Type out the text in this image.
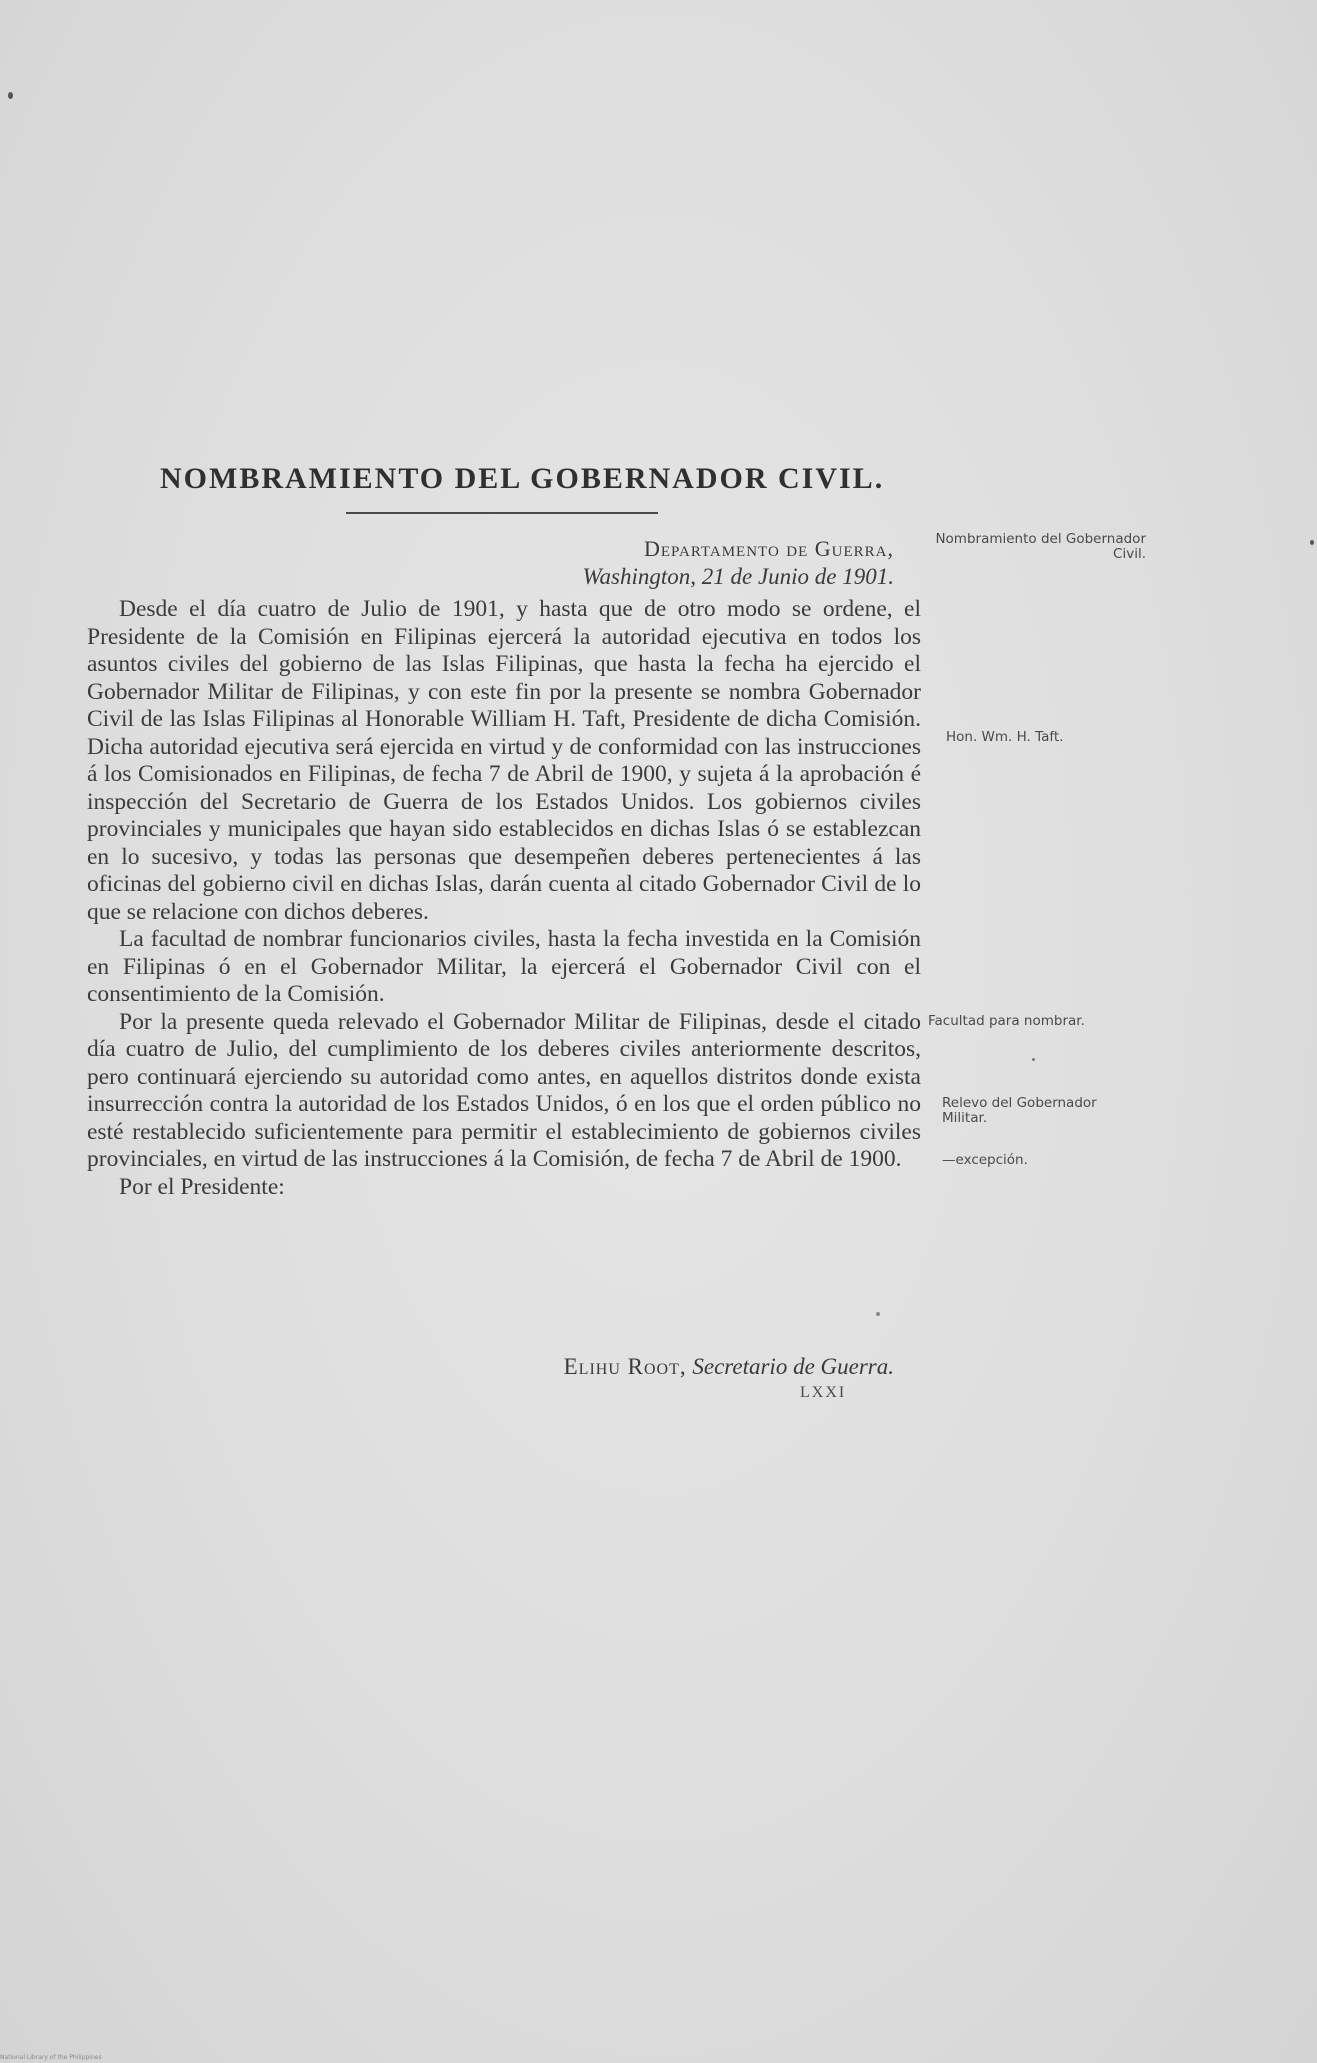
NOMBRAMIENTO DEL GOBERNADOR CIVIL.
Departamento de Guerra,
Washington, 21 de Junio de 1901.

Desde el día cuatro de Julio de 1901, y hasta que de otro modo se ordene, el Presidente de la Comisión en Filipinas ejercerá la autoridad ejecutiva en todos los asuntos civiles del gobierno de las Islas Filipinas, que hasta la fecha ha ejercido el Gobernador Militar de Filipinas, y con este fin por la presente se nombra Gobernador Civil de las Islas Filipinas al Honorable William H. Taft, Presidente de dicha Comisión. Dicha autoridad ejecutiva será ejercida en virtud y de conformidad con las instrucciones á los Comisionados en Filipinas, de fecha 7 de Abril de 1900, y sujeta á la aprobación é inspección del Secretario de Guerra de los Estados Unidos. Los gobiernos civiles provinciales y municipales que hayan sido establecidos en dichas Islas ó se establezcan en lo sucesivo, y todas las personas que desempeñen deberes pertenecientes á las oficinas del gobierno civil en dichas Islas, darán cuenta al citado Gobernador Civil de lo que se relacione con dichos deberes.

La facultad de nombrar funcionarios civiles, hasta la fecha investida en la Comisión en Filipinas ó en el Gobernador Militar, la ejercerá el Gobernador Civil con el consentimiento de la Comisión.

Por la presente queda relevado el Gobernador Militar de Filipinas, desde el citado día cuatro de Julio, del cumplimiento de los deberes civiles anteriormente descritos, pero continuará ejerciendo su autoridad como antes, en aquellos distritos donde exista insurrección contra la autoridad de los Estados Unidos, ó en los que el orden público no esté restablecido suficientemente para permitir el establecimiento de gobiernos civiles provinciales, en virtud de las instrucciones á la Comisión, de fecha 7 de Abril de 1900.

Por el Presidente:

Elihu Root, Secretario de Guerra.
LXXI
Nombramiento del Gobernador Civil.
Hon. Wm. H. Taft.
Facultad para nombrar.
Relevo del Gobernador Militar.
—excepción.
National Library of the Philippines
